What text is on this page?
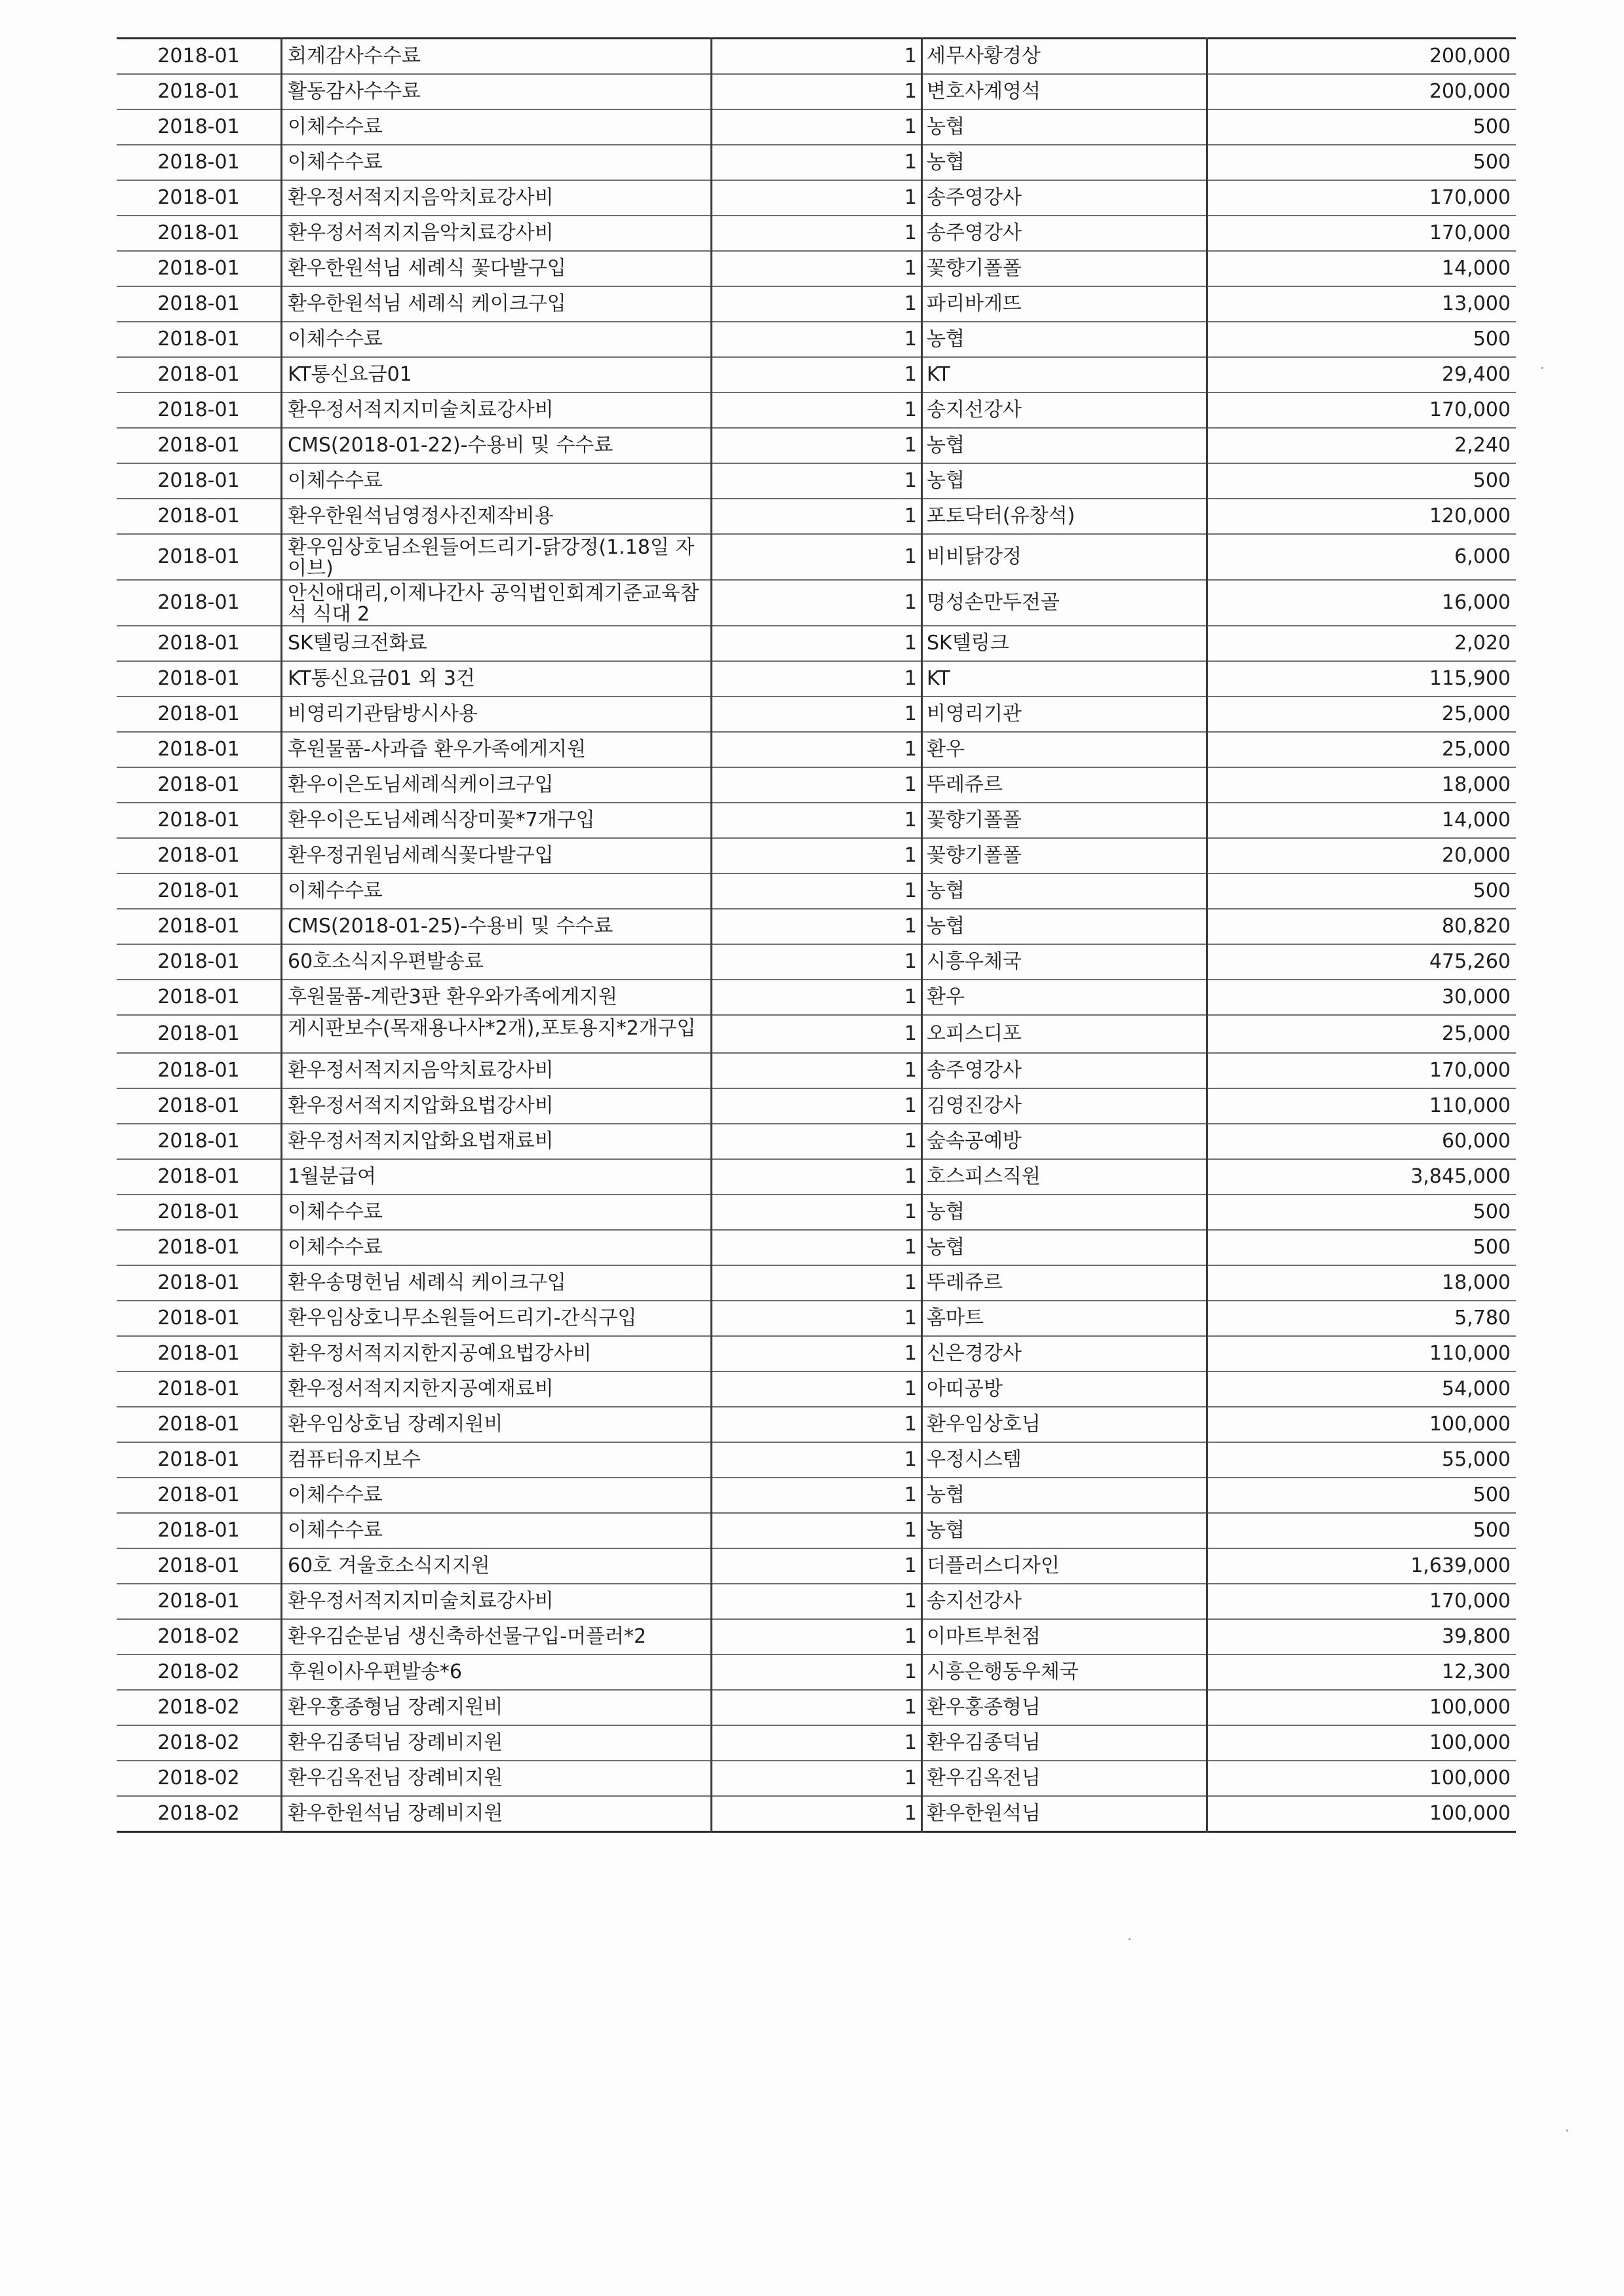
2018-01	회계감사수수료	1	세무사황경상	200,000
2018-01	활동감사수수료	1	변호사계영석	200,000
2018-01	이체수수료	1	농협	500
2018-01	이체수수료	1	농협	500
2018-01	환우정서적지지음악치료강사비	1	송주영강사	170,000
2018-01	환우정서적지지음악치료강사비	1	송주영강사	170,000
2018-01	환우한원석님 세례식 꽃다발구입	1	꽃향기폴폴	14,000
2018-01	환우한원석님 세례식 케이크구입	1	파리바게뜨	13,000
2018-01	이체수수료	1	농협	500
2018-01	KT통신요금01	1	KT	29,400
2018-01	환우정서적지지미술치료강사비	1	송지선강사	170,000
2018-01	CMS(2018-01-22)-수용비 및 수수료	1	농협	2,240
2018-01	이체수수료	1	농협	500
2018-01	환우한원석님영정사진제작비용	1	포토닥터(유창석)	120,000
2018-01	환우임상호님소원들어드리기-닭강정(1.18일 자이브)	1	비비닭강정	6,000
2018-01	안신애대리,이제나간사 공익법인회계기준교육참석 식대 2	1	명성손만두전골	16,000
2018-01	SK텔링크전화료	1	SK텔링크	2,020
2018-01	KT통신요금01 외 3건	1	KT	115,900
2018-01	비영리기관탐방시사용	1	비영리기관	25,000
2018-01	후원물품-사과즙 환우가족에게지원	1	환우	25,000
2018-01	환우이은도님세례식케이크구입	1	뚜레쥬르	18,000
2018-01	환우이은도님세례식장미꽃*7개구입	1	꽃향기폴폴	14,000
2018-01	환우정귀원님세례식꽃다발구입	1	꽃향기폴폴	20,000
2018-01	이체수수료	1	농협	500
2018-01	CMS(2018-01-25)-수용비 및 수수료	1	농협	80,820
2018-01	60호소식지우편발송료	1	시흥우체국	475,260
2018-01	후원물품-계란3판 환우와가족에게지원	1	환우	30,000
2018-01	게시판보수(목재용나사*2개),포토용지*2개구입	1	오피스디포	25,000
2018-01	환우정서적지지음악치료강사비	1	송주영강사	170,000
2018-01	환우정서적지지압화요법강사비	1	김영진강사	110,000
2018-01	환우정서적지지압화요법재료비	1	숲속공예방	60,000
2018-01	1월분급여	1	호스피스직원	3,845,000
2018-01	이체수수료	1	농협	500
2018-01	이체수수료	1	농협	500
2018-01	환우송명헌님 세례식 케이크구입	1	뚜레쥬르	18,000
2018-01	환우임상호니무소원들어드리기-간식구입	1	홈마트	5,780
2018-01	환우정서적지지한지공예요법강사비	1	신은경강사	110,000
2018-01	환우정서적지지한지공예재료비	1	아띠공방	54,000
2018-01	환우임상호님 장례지원비	1	환우임상호님	100,000
2018-01	컴퓨터유지보수	1	우정시스템	55,000
2018-01	이체수수료	1	농협	500
2018-01	이체수수료	1	농협	500
2018-01	60호 겨울호소식지지원	1	더플러스디자인	1,639,000
2018-01	환우정서적지지미술치료강사비	1	송지선강사	170,000
2018-02	환우김순분님 생신축하선물구입-머플러*2	1	이마트부천점	39,800
2018-02	후원이사우편발송*6	1	시흥은행동우체국	12,300
2018-02	환우홍종형님 장례지원비	1	환우홍종형님	100,000
2018-02	환우김종덕님 장례비지원	1	환우김종덕님	100,000
2018-02	환우김옥전님 장례비지원	1	환우김옥전님	100,000
2018-02	환우한원석님 장례비지원	1	환우한원석님	100,000
